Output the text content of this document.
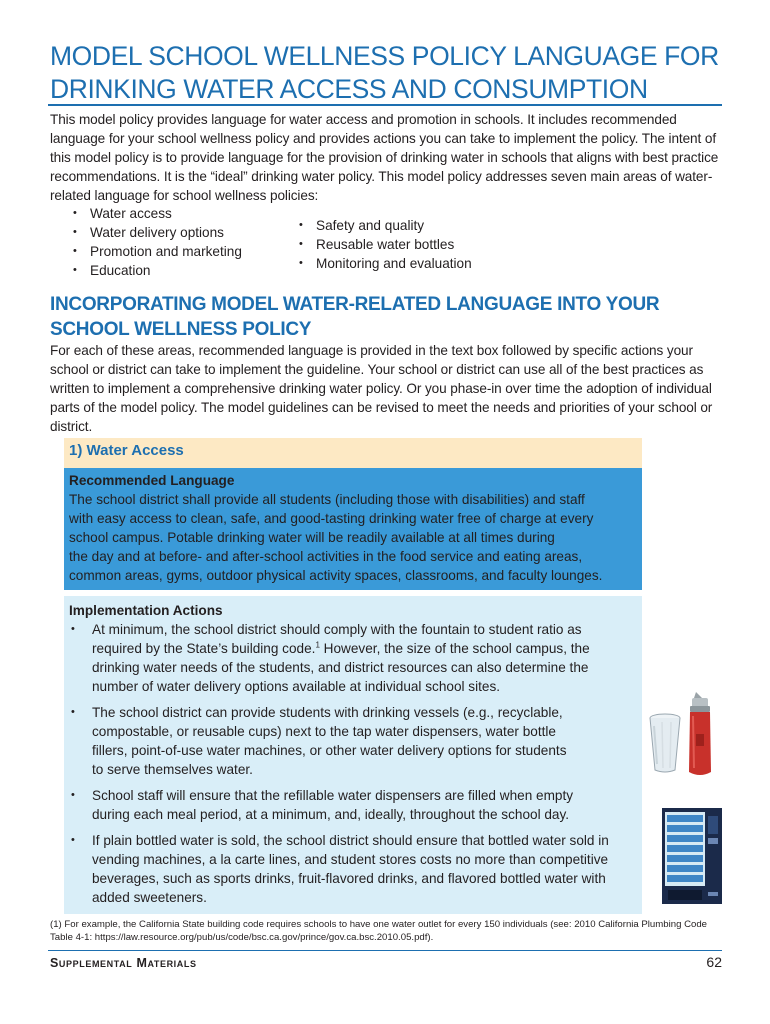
MODEL SCHOOL WELLNESS POLICY LANGUAGE FOR
DRINKING WATER ACCESS AND CONSUMPTION

This model policy provides language for water access and promotion in schools. It includes recommended language for your school wellness policy and provides actions you can take to implement the policy. The intent of this model policy is to provide language for the provision of drinking water in schools that aligns with best practice recommendations. It is the “ideal” drinking water policy. This model policy addresses seven main areas of water-related language for school wellness policies:

• Water access
• Water delivery options
• Promotion and marketing
• Education
• Safety and quality
• Reusable water bottles
• Monitoring and evaluation
INCORPORATING MODEL WATER-RELATED LANGUAGE INTO YOUR
SCHOOL WELLNESS POLICY

For each of these areas, recommended language is provided in the text box followed by specific actions your school or district can take to implement the guideline. Your school or district can use all of the best practices as written to implement a comprehensive drinking water policy. Or you phase-in over time the adoption of individual parts of the model policy. The model guidelines can be revised to meet the needs and priorities of your school or district.

1) Water Access
Recommended Language
The school district shall provide all students (including those with disabilities) and staff
with easy access to clean, safe, and good-tasting drinking water free of charge at every
school campus. Potable drinking water will be readily available at all times during
the day and at before- and after-school activities in the food service and eating areas,
common areas, gyms, outdoor physical activity spaces, classrooms, and faculty lounges.
Implementation Actions
• At minimum, the school district should comply with the fountain to student ratio as required by the State’s building code.$^1$ However, the size of the school campus, the drinking water needs of the students, and district resources can also determine the number of water delivery options available at individual school sites.
• The school district can provide students with drinking vessels (e.g., recyclable, compostable, or reusable cups) next to the tap water dispensers, water bottle fillers, point-of-use water machines, or other water delivery options for students to serve themselves water.
• School staff will ensure that the refillable water dispensers are filled when empty during each meal period, at a minimum, and, ideally, throughout the school day.
• If plain bottled water is sold, the school district should ensure that bottled water sold in vending machines, a la carte lines, and student stores costs no more than competitive beverages, such as sports drinks, fruit-flavored drinks, and flavored bottled water with added sweeteners.

(1) For example, the California State building code requires schools to have one water outlet for every 150 individuals (see: 2010 California Plumbing Code Table 4-1: https://law.resource.org/pub/us/code/bsc.ca.gov/prince/gov.ca.bsc.2010.05.pdf).

Supplemental Materials	62
